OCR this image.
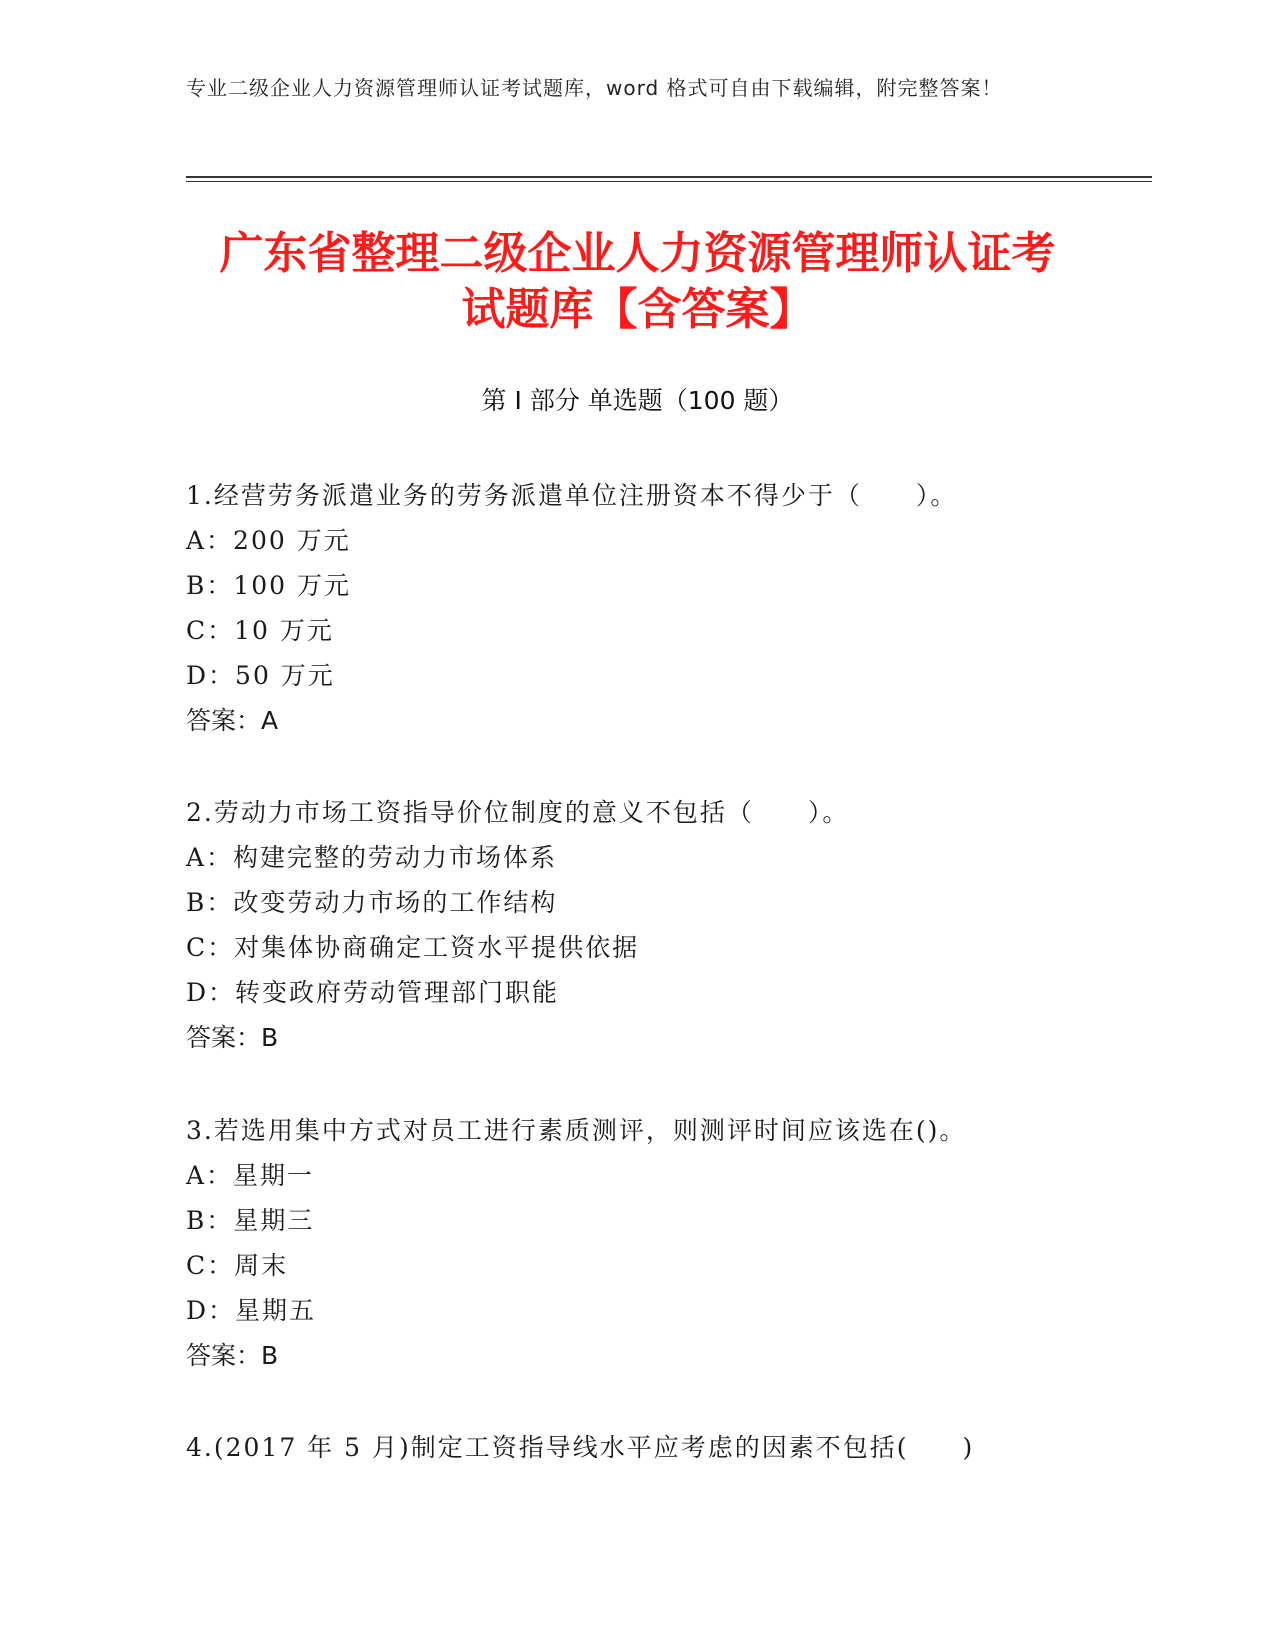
专业二级企业人力资源管理师认证考试题库，word 格式可自由下载编辑，附完整答案！
广东省整理二级企业人力资源管理师认证考
试题库【含答案】
第 I 部分 单选题（100 题）
1.经营劳务派遣业务的劳务派遣单位注册资本不得少于（　　）。
A：200 万元
B：100 万元
C：10 万元
D：50 万元
答案：A
2.劳动力市场工资指导价位制度的意义不包括（　　）。
A：构建完整的劳动力市场体系
B：改变劳动力市场的工作结构
C：对集体协商确定工资水平提供依据
D：转变政府劳动管理部门职能
答案：B
3.若选用集中方式对员工进行素质测评，则测评时间应该选在()。
A：星期一
B：星期三
C：周末
D：星期五
答案：B
4.(2017 年 5 月)制定工资指导线水平应考虑的因素不包括(　　)
